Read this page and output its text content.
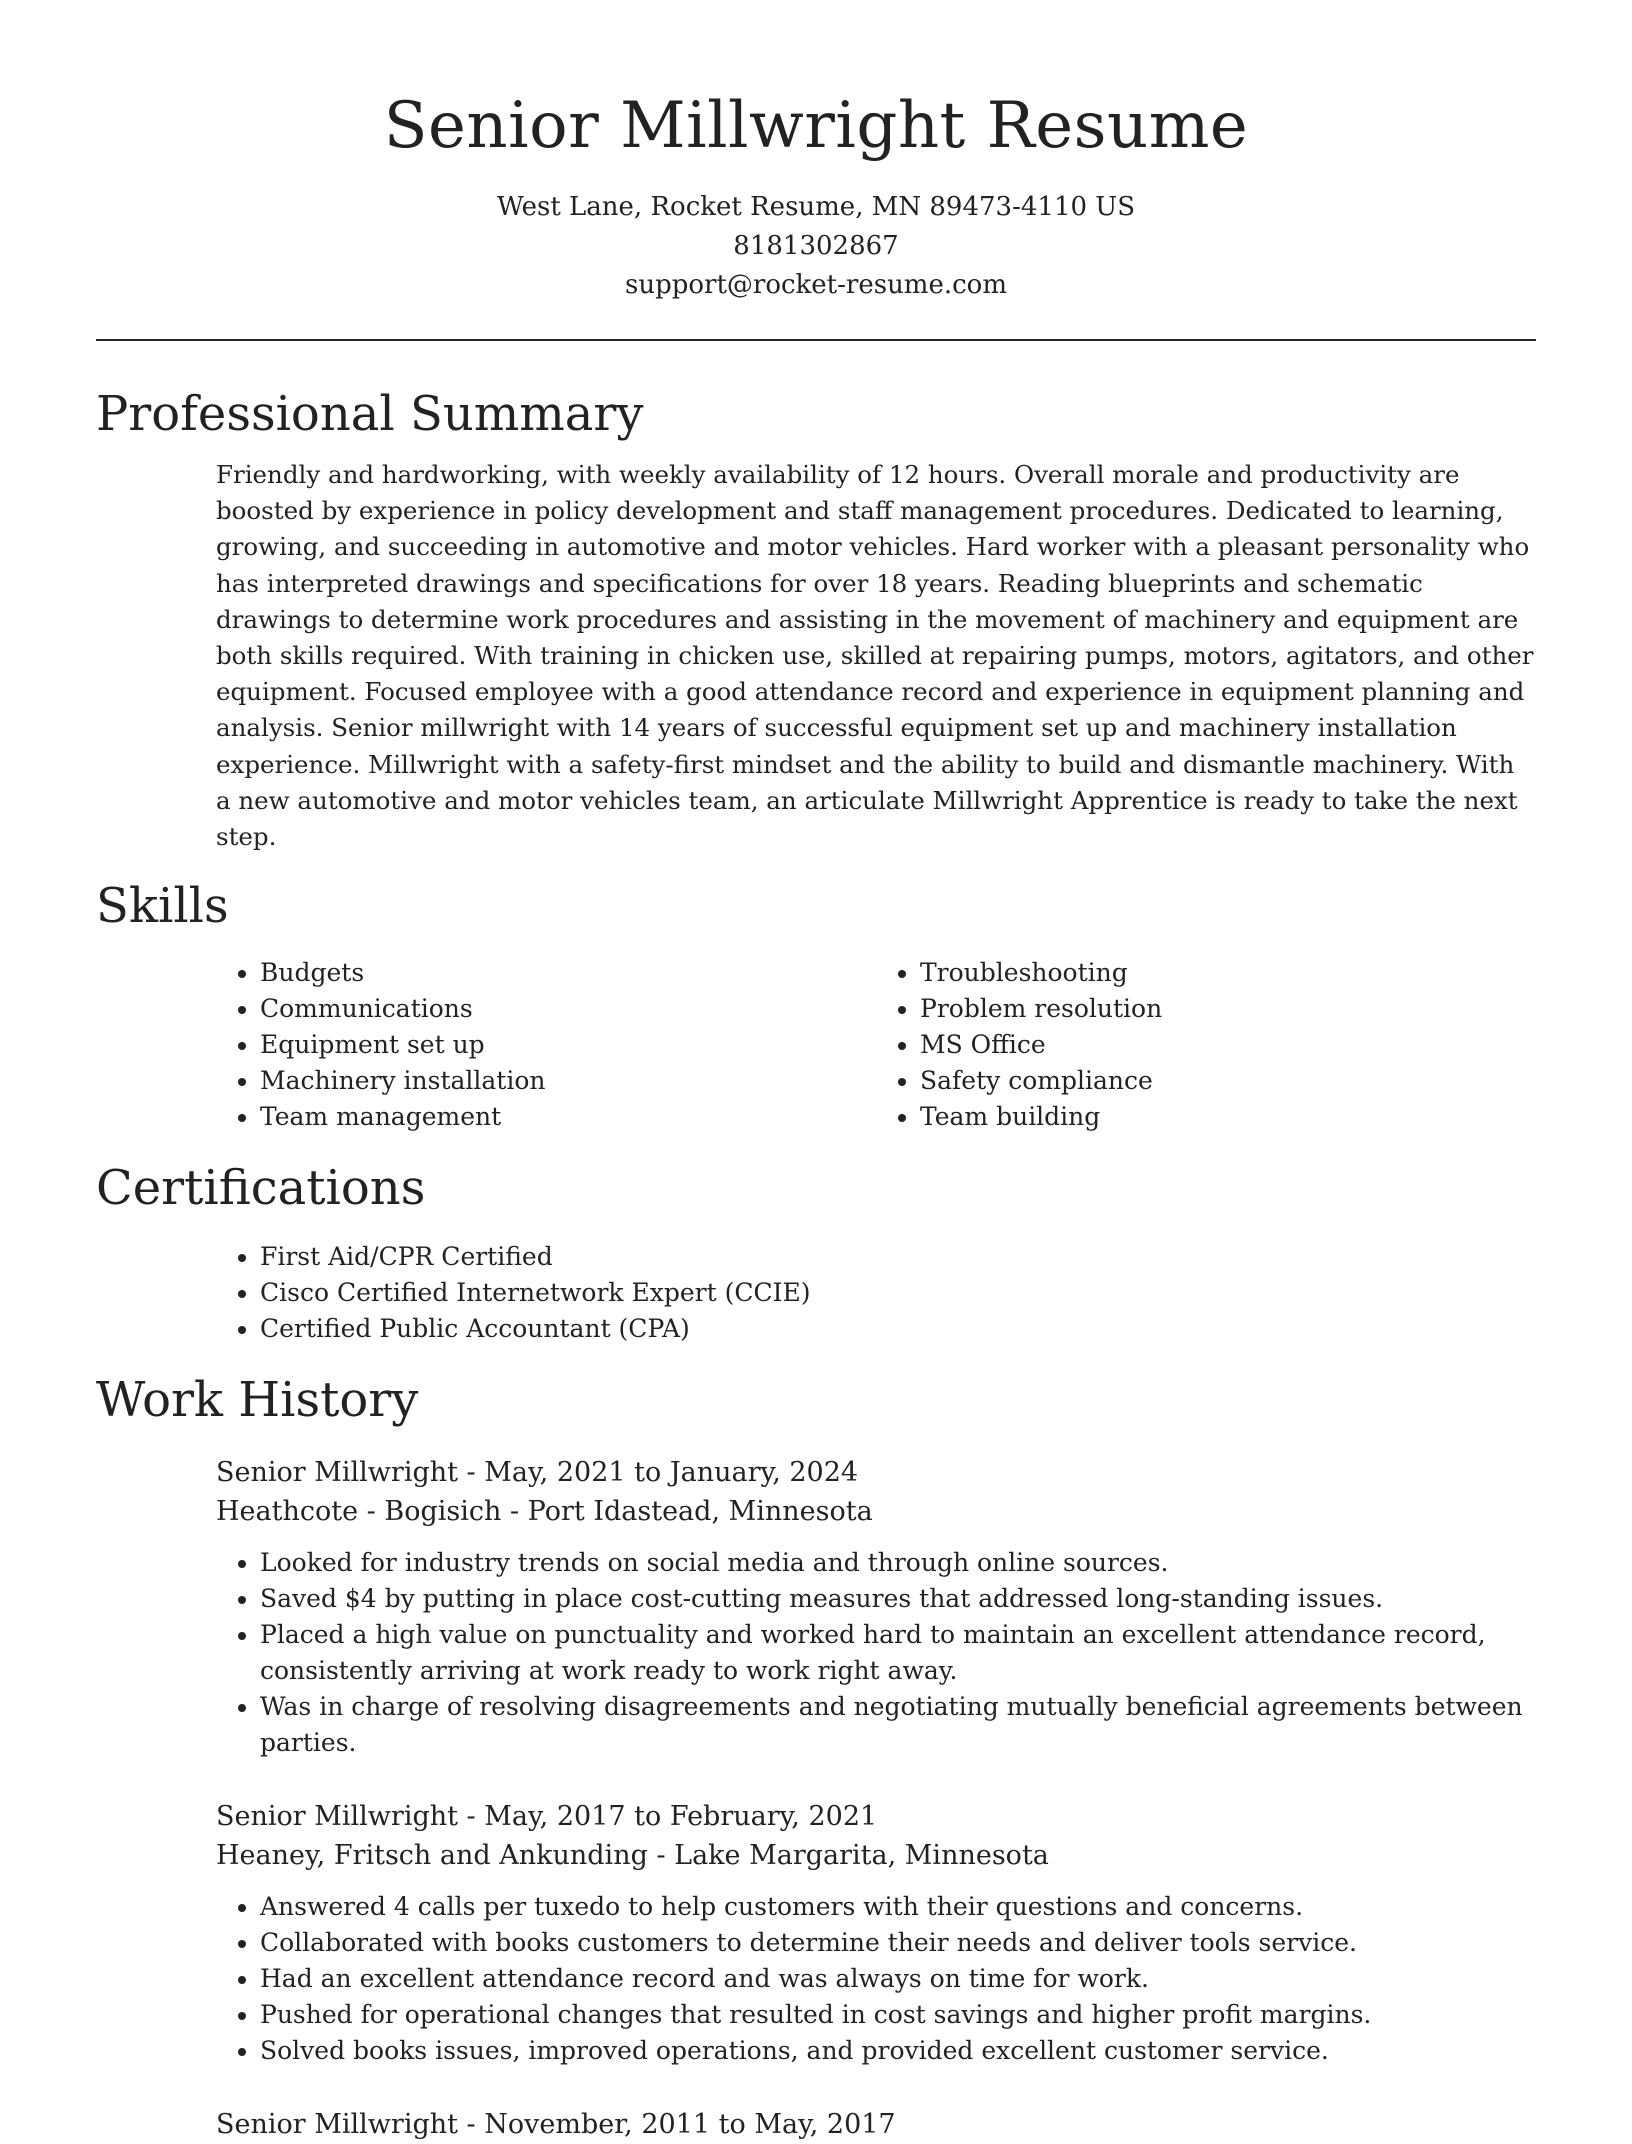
Senior Millwright Resume
West Lane, Rocket Resume, MN 89473-4110 US
8181302867
support@rocket-resume.com
Professional Summary

Friendly and hardworking, with weekly availability of 12 hours. Overall morale and productivity are boosted by experience in policy development and staff management procedures. Dedicated to learning, growing, and succeeding in automotive and motor vehicles. Hard worker with a pleasant personality who has interpreted drawings and specifications for over 18 years. Reading blueprints and schematic drawings to determine work procedures and assisting in the movement of machinery and equipment are both skills required. With training in chicken use, skilled at repairing pumps, motors, agitators, and other equipment. Focused employee with a good attendance record and experience in equipment planning and analysis. Senior millwright with 14 years of successful equipment set up and machinery installation experience. Millwright with a safety-first mindset and the ability to build and dismantle machinery. With a new automotive and motor vehicles team, an articulate Millwright Apprentice is ready to take the next step.

Skills
• Budgets
• Communications
• Equipment set up
• Machinery installation
• Team management
• Troubleshooting
• Problem resolution
• MS Office
• Safety compliance
• Team building
Certifications
• First Aid/CPR Certified
• Cisco Certified Internetwork Expert (CCIE)
• Certified Public Accountant (CPA)
Work History
Senior Millwright - May, 2021 to January, 2024
Heathcote - Bogisich - Port Idastead, Minnesota
• Looked for industry trends on social media and through online sources.
• Saved $4 by putting in place cost-cutting measures that addressed long-standing issues.
• Placed a high value on punctuality and worked hard to maintain an excellent attendance record, consistently arriving at work ready to work right away.
• Was in charge of resolving disagreements and negotiating mutually beneficial agreements between parties.
Senior Millwright - May, 2017 to February, 2021
Heaney, Fritsch and Ankunding - Lake Margarita, Minnesota
• Answered 4 calls per tuxedo to help customers with their questions and concerns.
• Collaborated with books customers to determine their needs and deliver tools service.
• Had an excellent attendance record and was always on time for work.
• Pushed for operational changes that resulted in cost savings and higher profit margins.
• Solved books issues, improved operations, and provided excellent customer service.
Senior Millwright - November, 2011 to May, 2017
